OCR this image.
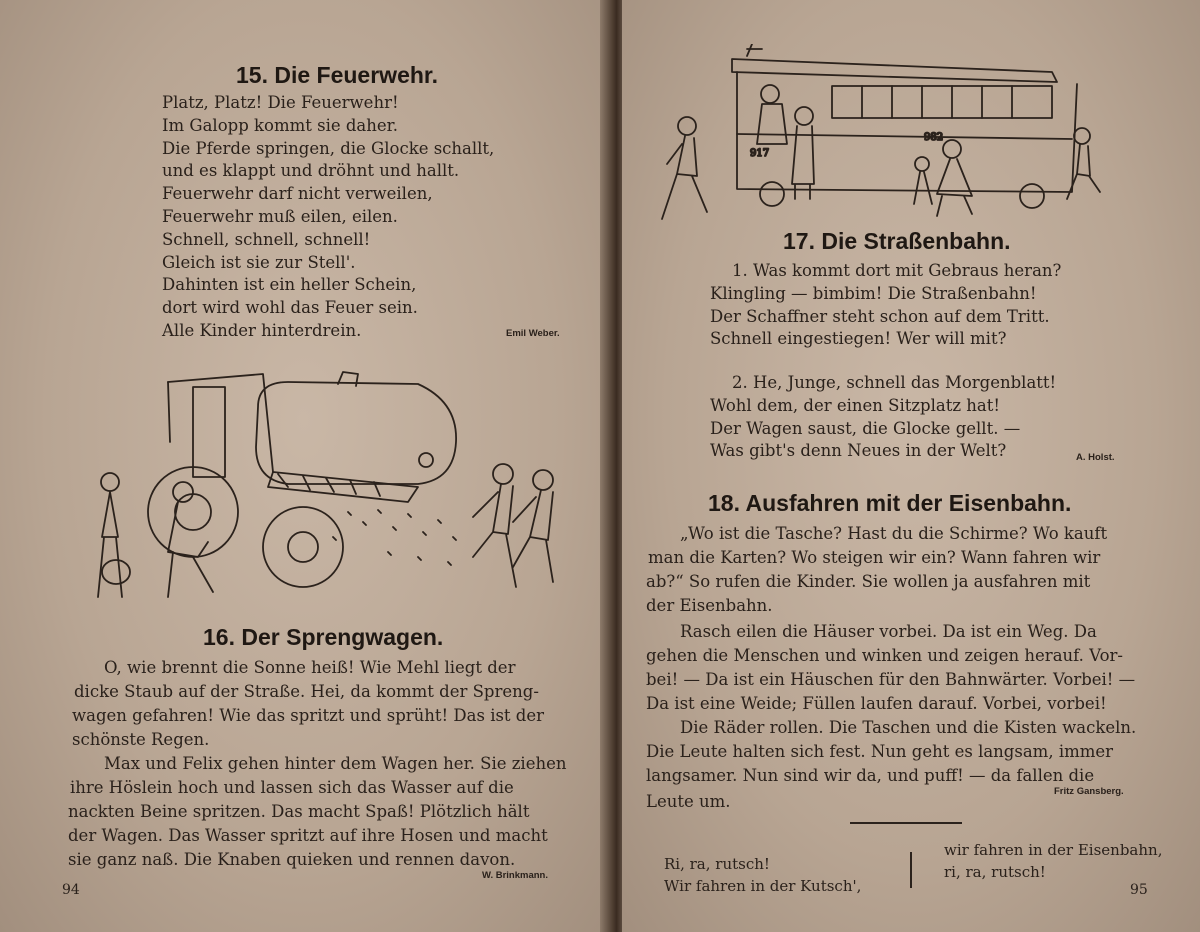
15. Die Feuerwehr.
Platz, Platz! Die Feuerwehr!
Im Galopp kommt sie daher.
Die Pferde springen, die Glocke schallt,
und es klappt und dröhnt und hallt.
Feuerwehr darf nicht verweilen,
Feuerwehr muß eilen, eilen.
Schnell, schnell, schnell!
Gleich ist sie zur Stell'.
Dahinten ist ein heller Schein,
dort wird wohl das Feuer sein.
Alle Kinder hinterdrein.	Emil Weber.
16. Der Sprengwagen.

O, wie brennt die Sonne heiß! Wie Mehl liegt der

dicke Staub auf der Straße. Hei, da kommt der Spreng-

wagen gefahren! Wie das spritzt und sprüht! Das ist der

schönste Regen.

Max und Felix gehen hinter dem Wagen her. Sie ziehen

ihre Höslein hoch und lassen sich das Wasser auf die

nackten Beine spritzen. Das macht Spaß! Plötzlich hält

der Wagen. Das Wasser spritzt auf ihre Hosen und macht

sie ganz naß. Die Knaben quieken und rennen davon.

W. Brinkmann.
94
917
982
17. Die Straßenbahn.
1. Was kommt dort mit Gebraus heran?
Klingling — bimbim! Die Straßenbahn!
Der Schaffner steht schon auf dem Tritt.
Schnell eingestiegen! Wer will mit?
2. He, Junge, schnell das Morgenblatt!
Wohl dem, der einen Sitzplatz hat!
Der Wagen saust, die Glocke gellt. —
Was gibt's denn Neues in der Welt?	A. Holst.
18. Ausfahren mit der Eisenbahn.

„Wo ist die Tasche? Hast du die Schirme? Wo kauft

man die Karten? Wo steigen wir ein? Wann fahren wir

ab?“ So rufen die Kinder. Sie wollen ja ausfahren mit

der Eisenbahn.

Rasch eilen die Häuser vorbei. Da ist ein Weg. Da

gehen die Menschen und winken und zeigen herauf. Vor-

bei! — Da ist ein Häuschen für den Bahnwärter. Vorbei! —

Da ist eine Weide; Füllen laufen darauf. Vorbei, vorbei!

Die Räder rollen. Die Taschen und die Kisten wackeln.

Die Leute halten sich fest. Nun geht es langsam, immer

langsamer. Nun sind wir da, und puff! — da fallen die

Leute um.

Fritz Gansberg.

Ri, ra, rutsch!

Wir fahren in der Kutsch',

wir fahren in der Eisenbahn,

ri, ra, rutsch!

95
